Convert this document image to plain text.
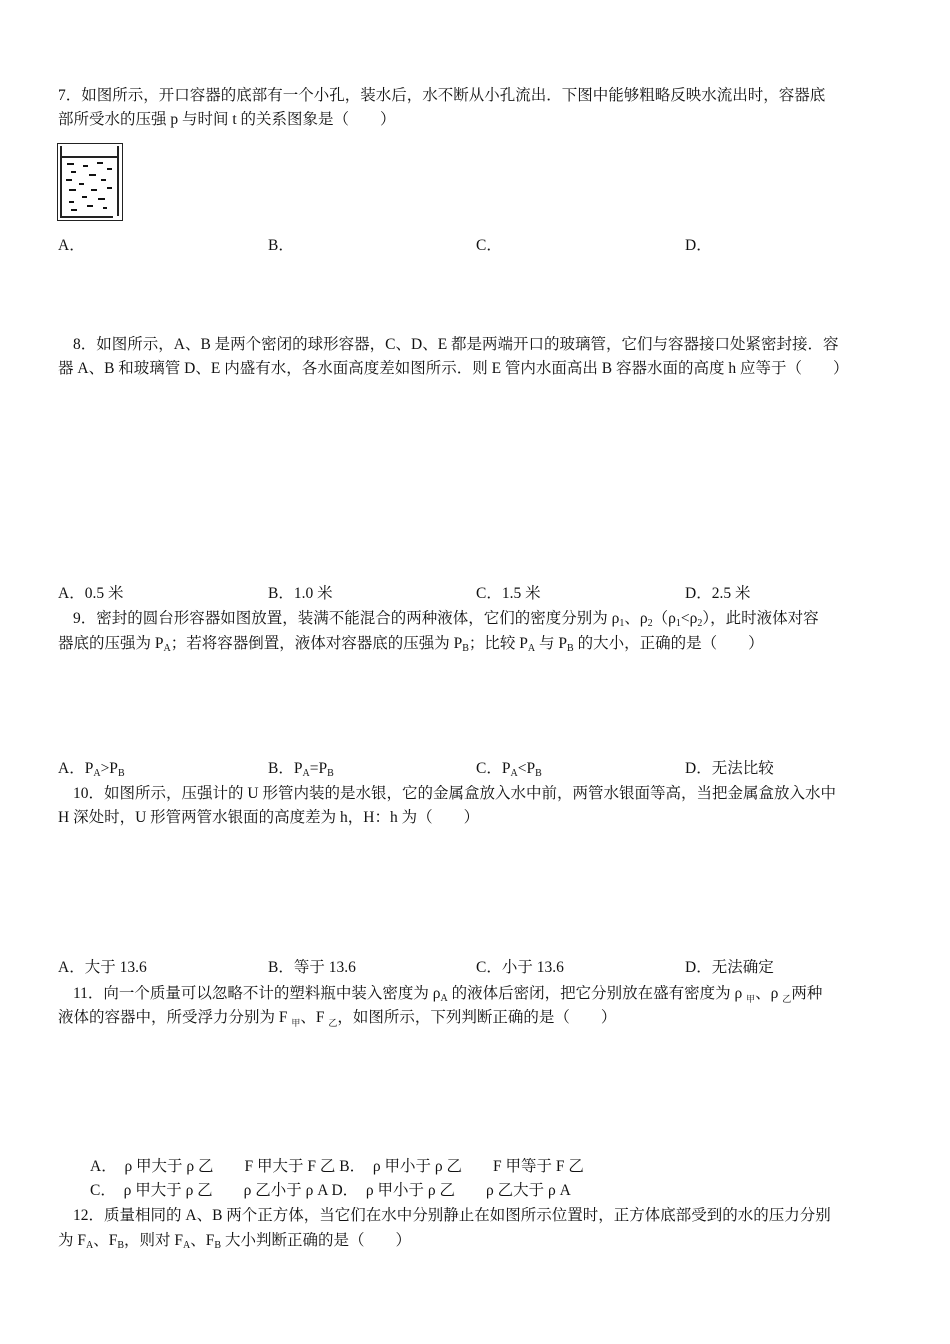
7．如图所示，开口容器的底部有一个小孔，装水后，水不断从小孔流出．下图中能够粗略反映水流出时，容器底
部所受水的压强 p 与时间 t 的关系图象是（　　）
A．	B．	C．	D．
8．如图所示，A、B 是两个密闭的球形容器，C、D、E 都是两端开口的玻璃管，它们与容器接口处紧密封接．容
器 A、B 和玻璃管 D、E 内盛有水，各水面高度差如图所示．则 E 管内水面高出 B 容器水面的高度 h 应等于（　　）
A．0.5 米	B．1.0 米	C．1.5 米	D．2.5 米
9．密封的圆台形容器如图放置，装满不能混合的两种液体，它们的密度分别为 $\rho_1$、$\rho_2(\rho_1<\rho_2)$，此时液体对容
器底的压强为 $P_A$；若将容器倒置，液体对容器底的压强为 $P_B$；比较 $P_A$ 与 $P_B$ 的大小，正确的是（　　）
A．$P_A>P_B$	B．$P_A=P_B$	C．$P_A<P_B$	D．无法比较
10．如图所示，压强计的 U 形管内装的是水银，它的金属盒放入水中前，两管水银面等高，当把金属盒放入水中
H 深处时，U 形管两管水银面的高度差为 h，H：h 为（　　）
A．大于 13.6	B．等于 13.6	C．小于 13.6	D．无法确定
11．向一个质量可以忽略不计的塑料瓶中装入密度为 $\rho_A$ 的液体后密闭，把它分别放在盛有密度为 ρ $_甲$、ρ $_乙$两种
液体的容器中，所受浮力分别为 F $_甲$、F $_乙$，如图所示，下列判断正确的是（　　）
A．　ρ 甲大于 ρ 乙　　F 甲大于 F 乙 B．　ρ 甲小于 ρ 乙　　F 甲等于 F 乙
C．　ρ 甲大于 ρ 乙　　ρ 乙小于 ρ A D．　ρ 甲小于 ρ 乙　　ρ 乙大于 ρ A
12．质量相同的 A、B 两个正方体，当它们在水中分别静止在如图所示位置时，正方体底部受到的水的压力分别
为 $F_A$、$F_B$，则对 $F_A$、$F_B$ 大小判断正确的是（　　）
